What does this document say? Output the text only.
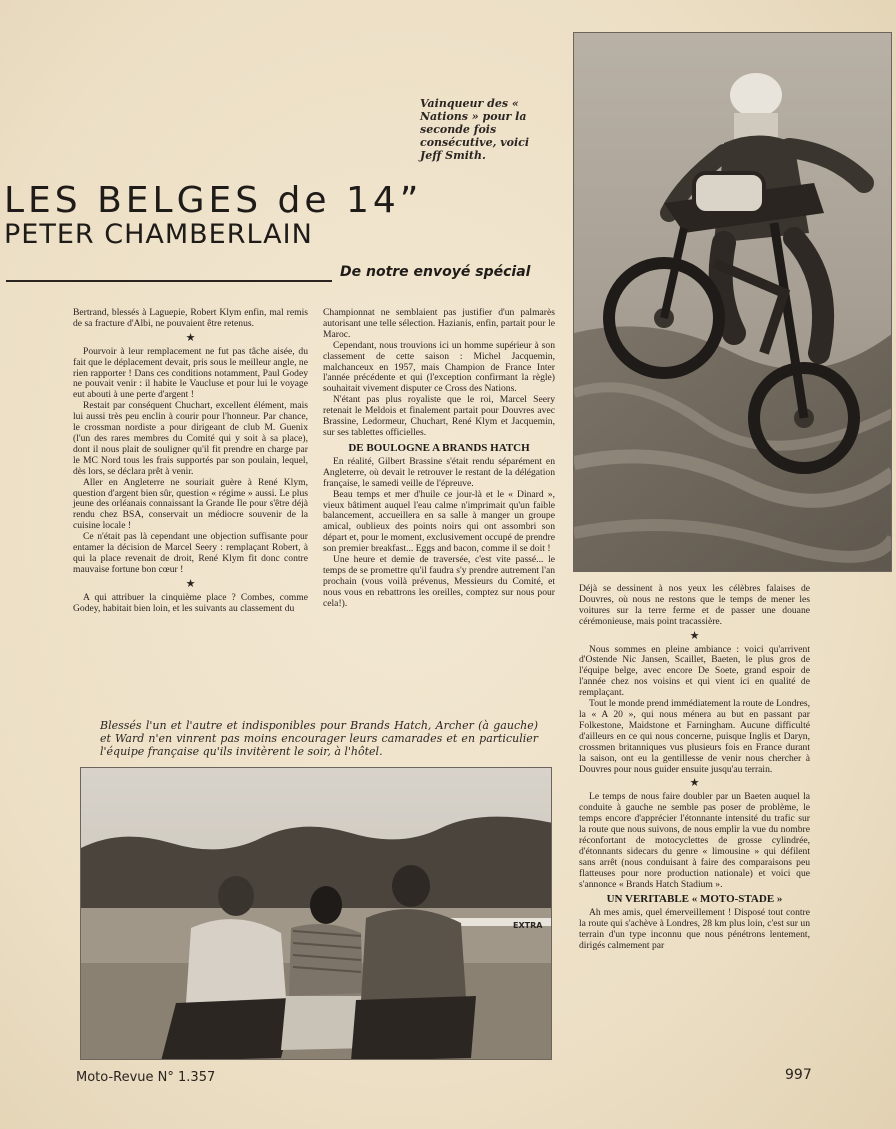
Vainqueur des « Nations » pour la seconde fois consécutive, voici Jeff Smith.
LES BELGES de 14”
PETER CHAMBERLAIN
De notre envoyé spécial

Bertrand, blessés à Laguepie, Robert Klym enfin, mal remis de sa fracture d'Albi, ne pouvaient être retenus.

★

Pourvoir à leur remplacement ne fut pas tâche aisée, du fait que le déplacement devait, pris sous le meilleur angle, ne rien rapporter ! Dans ces conditions notamment, Paul Godey ne pouvait venir : il habite le Vaucluse et pour lui le voyage eut abouti à une perte d'argent !

Restait par conséquent Chuchart, excellent élément, mais lui aussi très peu enclin à courir pour l'honneur. Par chance, le crossman nordiste a pour dirigeant de club M. Guenix (l'un des rares membres du Comité qui y soit à sa place), dont il nous plait de souligner qu'il fit prendre en charge par le MC Nord tous les frais supportés par son poulain, lequel, dès lors, se déclara prêt à venir.

Aller en Angleterre ne souriait guère à René Klym, question d'argent bien sûr, question « régime » aussi. Le plus jeune des orléanais connaissant la Grande Ile pour s'être déjà rendu chez BSA, conservait un médiocre souvenir de la cuisine locale !

Ce n'était pas là cependant une objection suffisante pour entamer la décision de Marcel Seery : remplaçant Robert, à qui la place revenait de droit, René Klym fit donc contre mauvaise fortune bon cœur !

★

A qui attribuer la cinquième place ? Combes, comme Godey, habitait bien loin, et les suivants au classement du

Championnat ne semblaient pas justifier d'un palmarès autorisant une telle sélection. Hazianis, enfin, partait pour le Maroc.

Cependant, nous trouvions ici un homme supérieur à son classement de cette saison : Michel Jacquemin, malchanceux en 1957, mais Champion de France Inter l'année précédente et qui (l'exception confirmant la règle) souhaitait vivement disputer ce Cross des Nations.

N'étant pas plus royaliste que le roi, Marcel Seery retenait le Meldois et finalement partait pour Douvres avec Brassine, Ledormeur, Chuchart, René Klym et Jacquemin, sur ses tablettes officielles.

DE BOULOGNE A BRANDS HATCH

En réalité, Gilbert Brassine s'était rendu séparément en Angleterre, où devait le retrouver le restant de la délégation française, le samedi veille de l'épreuve.

Beau temps et mer d'huile ce jour-là et le « Dinard », vieux bâtiment auquel l'eau calme n'imprimait qu'un faible balancement, accueillera en sa salle à manger un groupe amical, oublieux des points noirs qui ont assombri son départ et, pour le moment, exclusivement occupé de prendre son premier breakfast... Eggs and bacon, comme il se doit !

Une heure et demie de traversée, c'est vite passé... le temps de se promettre qu'il faudra s'y prendre autrement l'an prochain (vous voilà prévenus, Messieurs du Comité, et nous vous en rebattrons les oreilles, comptez sur nous pour cela!).

Blessés l'un et l'autre et indisponibles pour Brands Hatch, Archer (à gauche) et Ward n'en vinrent pas moins encourager leurs camarades et en particulier l'équipe française qu'ils invitèrent le soir, à l'hôtel.
EXTRA

Déjà se dessinent à nos yeux les célèbres falaises de Douvres, où nous ne restons que le temps de mener les voitures sur la terre ferme et de passer une douane cérémonieuse, mais point tracassière.

★

Nous sommes en pleine ambiance : voici qu'arrivent d'Ostende Nic Jansen, Scaillet, Baeten, le plus gros de l'équipe belge, avec encore De Soete, grand espoir de l'année chez nos voisins et qui vient ici en qualité de remplaçant.

Tout le monde prend immédiatement la route de Londres, la « A 20 », qui nous ménera au but en passant par Folkestone, Maidstone et Farningham. Aucune difficulté d'ailleurs en ce qui nous concerne, puisque Inglis et Daryn, crossmen britanniques vus plusieurs fois en France durant la saison, ont eu la gentillesse de venir nous chercher à Douvres pour nous guider ensuite jusqu'au terrain.

★

Le temps de nous faire doubler par un Baeten auquel la conduite à gauche ne semble pas poser de problème, le temps encore d'apprécier l'étonnante intensité du trafic sur la route que nous suivons, de nous emplir la vue du nombre réconfortant de motocyclettes de grosse cylindrée, d'étonnants sidecars du genre « limousine » qui défilent sans arrêt (nous conduisant à faire des comparaisons peu flatteuses pour nore production nationale) et voici que s'annonce « Brands Hatch Stadium ».

UN VERITABLE « MOTO-STADE »

Ah mes amis, quel émerveillement ! Disposé tout contre la route qui s'achève à Londres, 28 km plus loin, c'est sur un terrain d'un type inconnu que nous pénétrons lentement, dirigés calmement par

Moto-Revue N° 1.357	997
